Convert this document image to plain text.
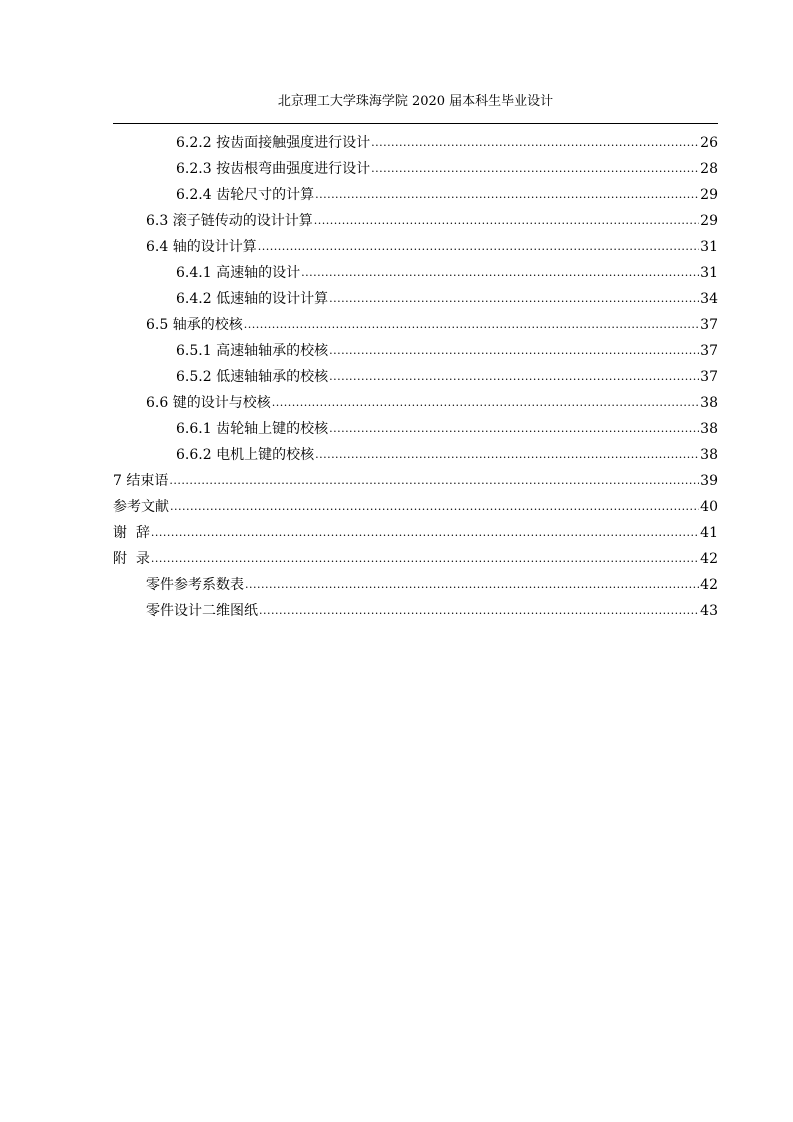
北京理工大学珠海学院 2020 届本科生毕业设计
6.2.2 按齿面接触强度进行设计 .....	26
6.2.3 按齿根弯曲强度进行设计 .....	28
6.2.4 齿轮尺寸的计算 .....	29
6.3 滚子链传动的设计计算 .....	29
6.4 轴的设计计算 .....	31
6.4.1 高速轴的设计 .....	31
6.4.2 低速轴的设计计算 .....	34
6.5 轴承的校核 .....	37
6.5.1 高速轴轴承的校核 .....	37
6.5.2 低速轴轴承的校核 .....	37
6.6 键的设计与校核 .....	38
6.6.1 齿轮轴上键的校核 .....	38
6.6.2 电机上键的校核 .....	38
7 结束语 .....	39
参考文献 .....	40
谢  辞 .....	41
附  录 .....	42
零件参考系数表 .....	42
零件设计二维图纸 .....	43
